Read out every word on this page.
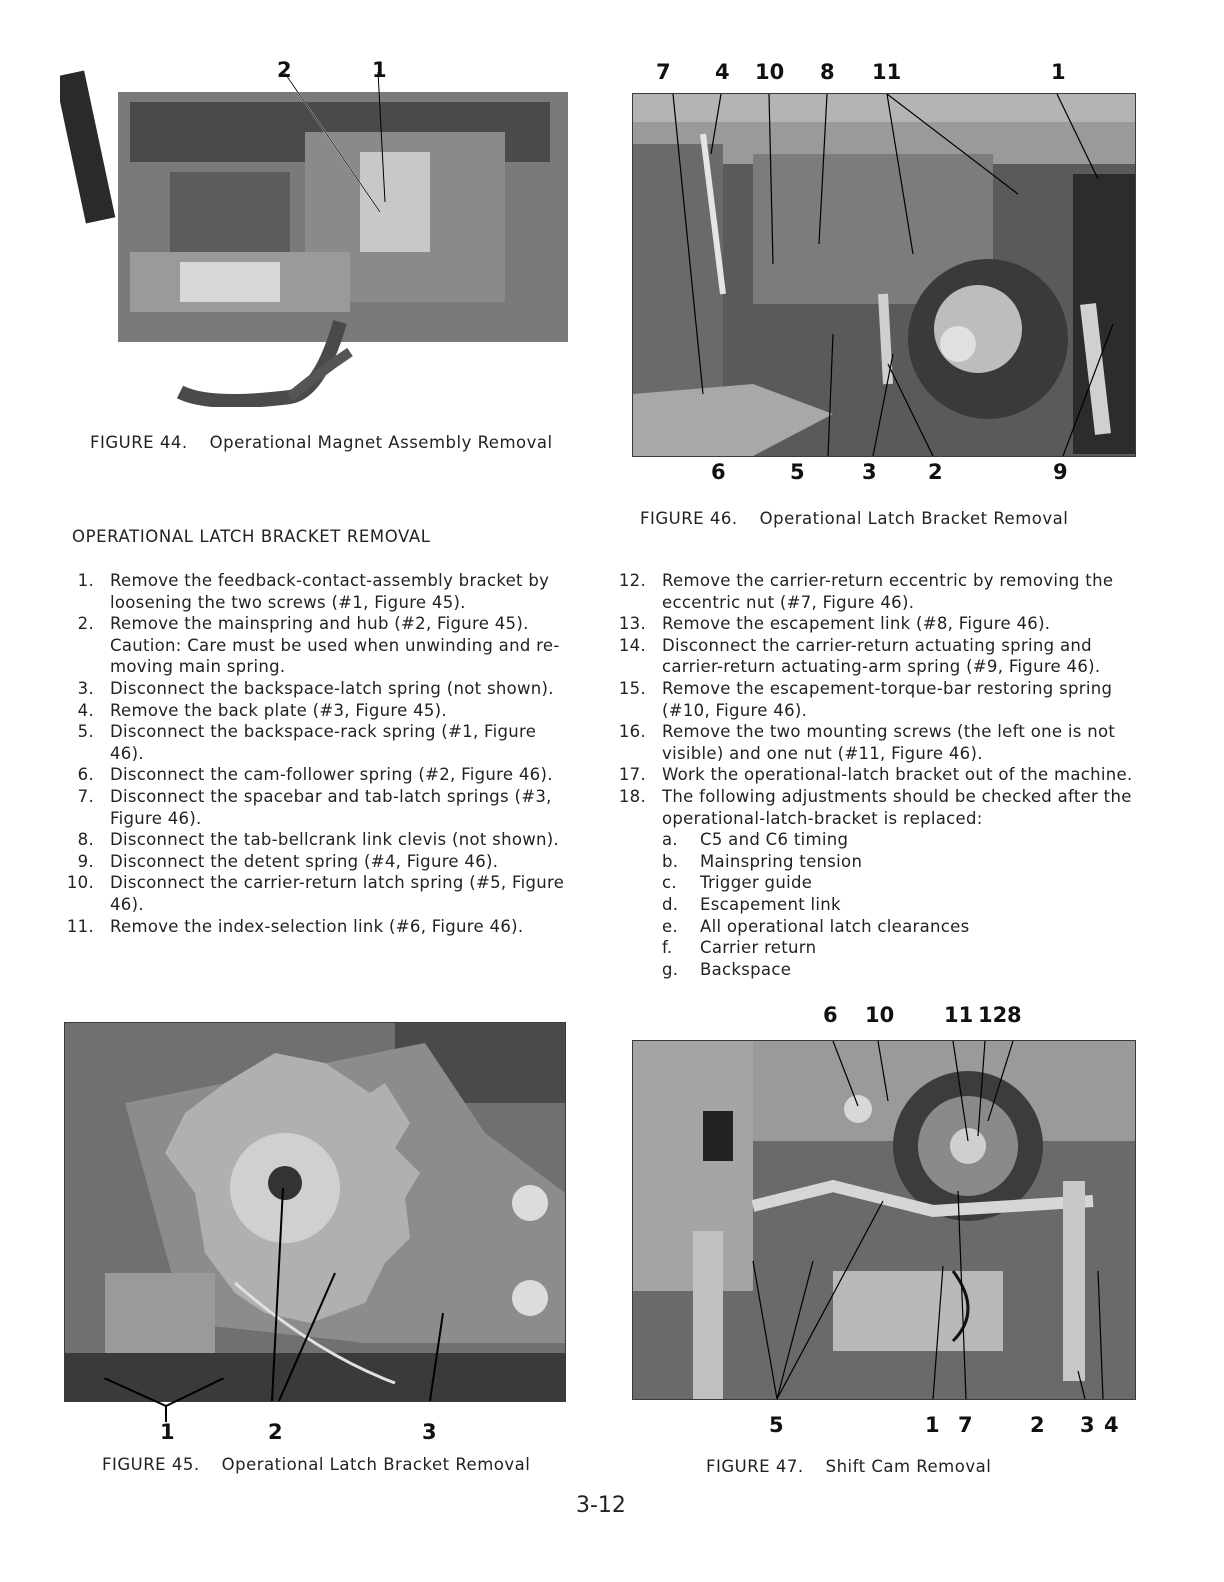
2	1
FIGURE 44. Operational Magnet Assembly Removal
7 4 10 8 11	1
6	5	3 2	9
FIGURE 46. Operational Latch Bracket Removal
OPERATIONAL LATCH BRACKET REMOVAL
1. Remove the feedback-contact-assembly bracket by loosening the two screws (#1, Figure 45).
2. Remove the mainspring and hub (#2, Figure 45). Caution: Care must be used when unwinding and re-moving main spring.
3. Disconnect the backspace-latch spring (not shown).
4. Remove the back plate (#3, Figure 45).
5. Disconnect the backspace-rack spring (#1, Figure 46).
6. Disconnect the cam-follower spring (#2, Figure 46).
7. Disconnect the spacebar and tab-latch springs (#3, Figure 46).
8. Disconnect the tab-bellcrank link clevis (not shown).
9. Disconnect the detent spring (#4, Figure 46).
10. Disconnect the carrier-return latch spring (#5, Figure 46).
11. Remove the index-selection link (#6, Figure 46).
12. Remove the carrier-return eccentric by removing the eccentric nut (#7, Figure 46).
13. Remove the escapement link (#8, Figure 46).
14. Disconnect the carrier-return actuating spring and carrier-return actuating-arm spring (#9, Figure 46).
15. Remove the escapement-torque-bar restoring spring (#10, Figure 46).
16. Remove the two mounting screws (the left one is not visible) and one nut (#11, Figure 46).
17. Work the operational-latch bracket out of the machine.
18. The following adjustments should be checked after the operational-latch-bracket is replaced:
a. C5 and C6 timing
b. Mainspring tension
c.	Trigger guide
d. Escapement link
e. All operational latch clearances
f.	Carrier return
g. Backspace
1	2	3
FIGURE 45. Operational Latch Bracket Removal
6 10 11 12 8
5	1 7	2 3 4
FIGURE 47. Shift Cam Removal
3-12
